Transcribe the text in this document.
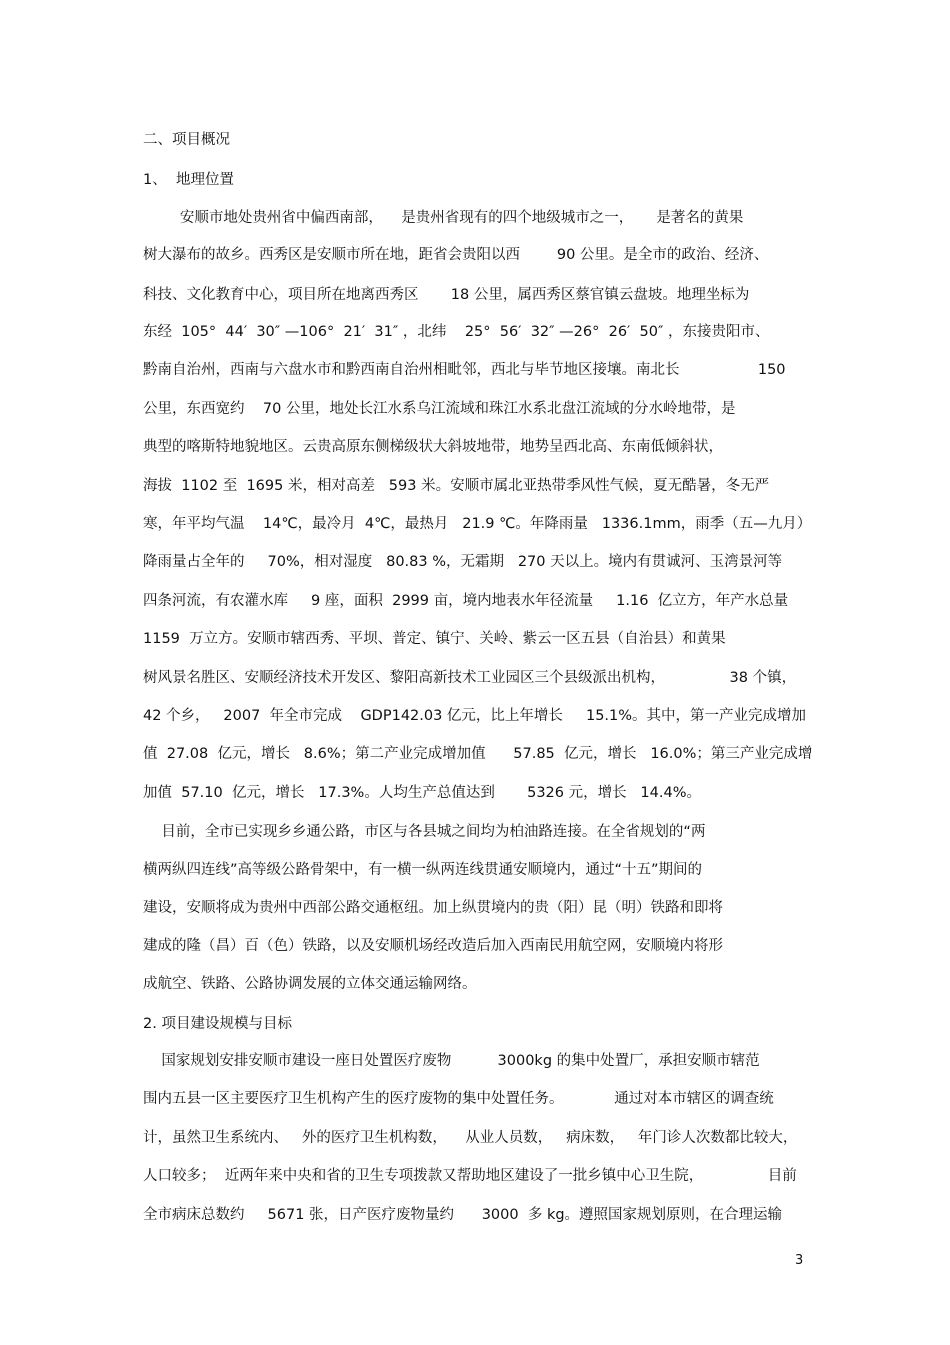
二、项目概况
1、  地理位置
安顺市地处贵州省中偏西南部，    是贵州省现有的四个地级城市之一，     是著名的黄果
树大瀑布的故乡。西秀区是安顺市所在地，距省会贵阳以西        90 公里。是全市的政治、经济、
科技、文化教育中心，项目所在地离西秀区       18 公里，属西秀区蔡官镇云盘坡。地理坐标为
东经  105°  44′  30″ —106°  21′  31″ ，北纬    25°  56′  32″ —26°  26′  50″ ，东接贵阳市、
黔南自治州，西南与六盘水市和黔西南自治州相毗邻，西北与毕节地区接壤。南北长                 150
公里，东西宽约    70 公里，地处长江水系乌江流域和珠江水系北盘江流域的分水岭地带，是
典型的喀斯特地貌地区。云贵高原东侧梯级状大斜坡地带，地势呈西北高、东南低倾斜状，
海拔  1102 至  1695 米，相对高差   593 米。安顺市属北亚热带季风性气候，夏无酷暑，冬无严
寒，年平均气温    14℃，最冷月  4℃，最热月   21.9 ℃。年降雨量   1336.1mm，雨季（五—九月）
降雨量占全年的     70%，相对湿度   80.83 %，无霜期   270 天以上。境内有贯诚河、玉湾景河等
四条河流，有农灌水库     9 座，面积  2999 亩，境内地表水年径流量     1.16  亿立方，年产水总量
1159  万立方。安顺市辖西秀、平坝、普定、镇宁、关岭、紫云一区五县（自治县）和黄果
树风景名胜区、安顺经济技术开发区、黎阳高新技术工业园区三个县级派出机构，              38 个镇，
42 个乡，   2007  年全市完成    GDP142.03 亿元，比上年增长     15.1%。其中，第一产业完成增加
值  27.08  亿元，增长   8.6%；第二产业完成增加值      57.85  亿元，增长   16.0%；第三产业完成增
加值  57.10  亿元，增长   17.3%。人均生产总值达到       5326 元，增长   14.4%。
目前，全市已实现乡乡通公路，市区与各县城之间均为柏油路连接。在全省规划的“两
横两纵四连线”高等级公路骨架中，有一横一纵两连线贯通安顺境内，通过“十五”期间的
建设，安顺将成为贵州中西部公路交通枢纽。加上纵贯境内的贵（阳）昆（明）铁路和即将
建成的隆（昌）百（色）铁路，以及安顺机场经改造后加入西南民用航空网，安顺境内将形
成航空、铁路、公路协调发展的立体交通运输网络。
2. 项目建设规模与目标
国家规划安排安顺市建设一座日处置医疗废物          3000kg 的集中处置厂，承担安顺市辖范
围内五县一区主要医疗卫生机构产生的医疗废物的集中处置任务。           通过对本市辖区的调查统
计，虽然卫生系统内、   外的医疗卫生机构数，    从业人员数，   病床数，   年门诊人次数都比较大，
人口较多；  近两年来中央和省的卫生专项拨款又帮助地区建设了一批乡镇中心卫生院，              目前
全市病床总数约     5671 张，日产医疗废物量约      3000  多 kg。遵照国家规划原则，在合理运输
3
